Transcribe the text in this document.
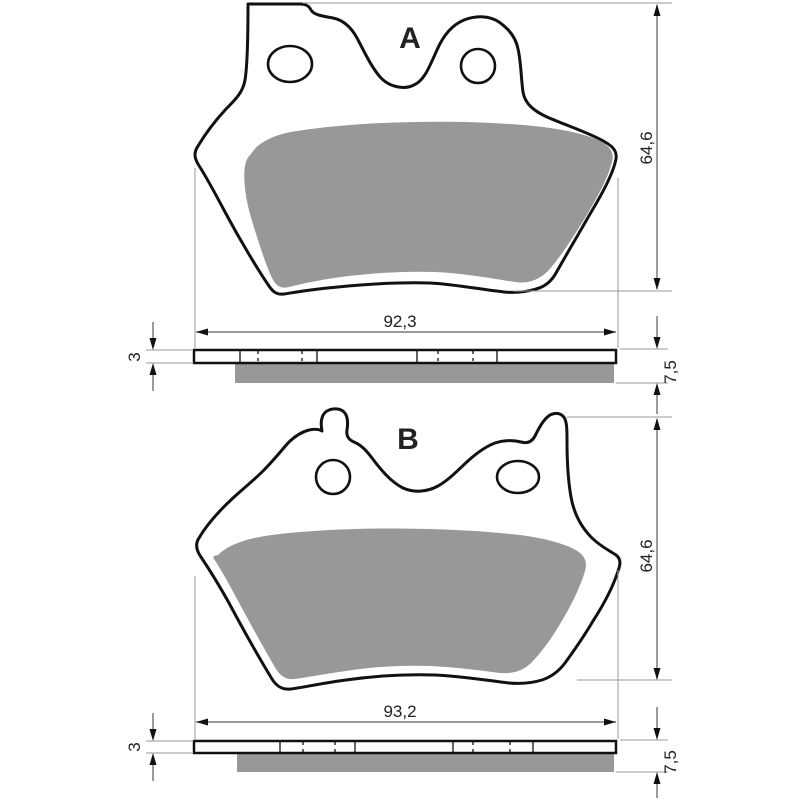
A
92,3
64,6
3
7,5
B
93,2
64,6
3
7,5
